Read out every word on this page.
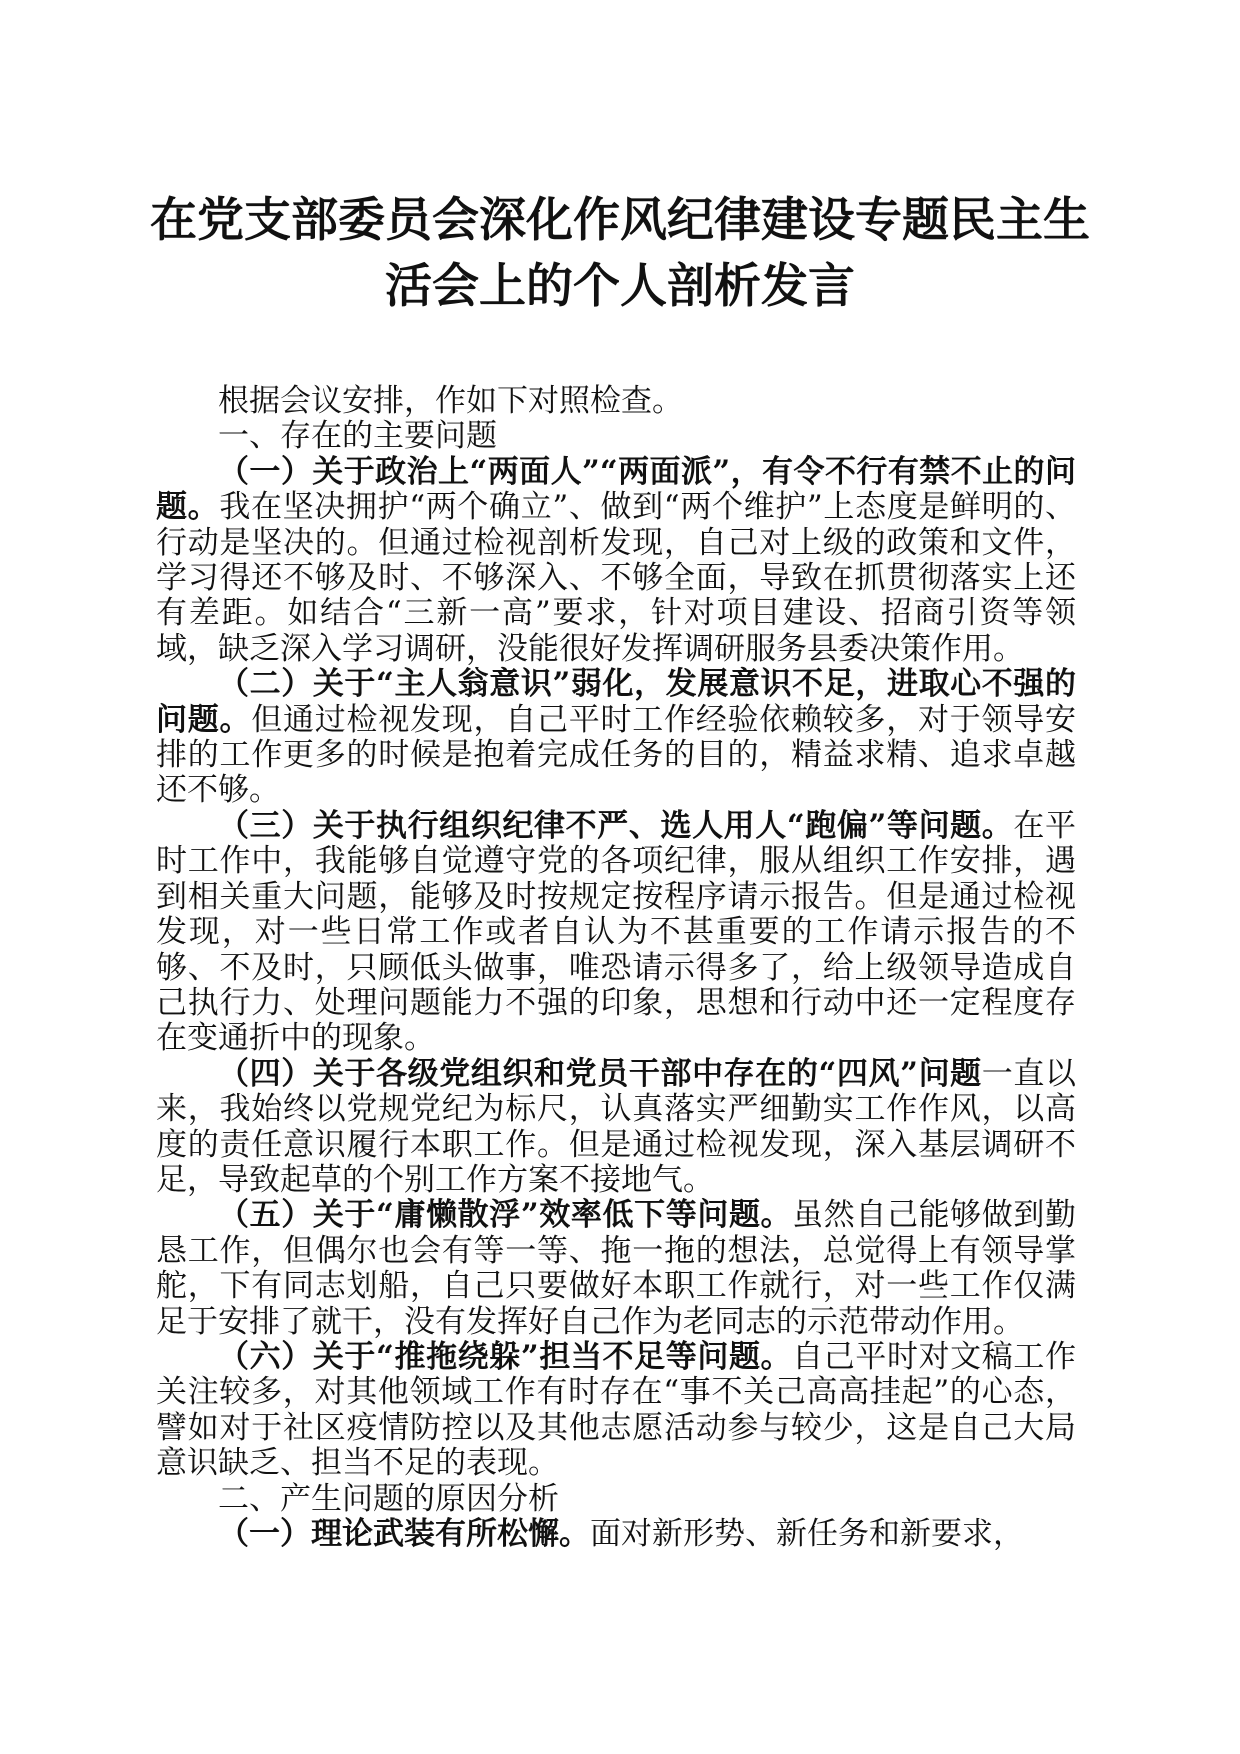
在党支部委员会深化作风纪律建设专题民主生
活会上的个人剖析发言

根据会议安排，作如下对照检查。

一、存在的主要问题

（一）关于政治上“两面人”“两面派”，有令不行有禁不止的问题。我在坚决拥护“两个确立”、做到“两个维护”上态度是鲜明的、行动是坚决的。但通过检视剖析发现，自己对上级的政策和文件，学习得还不够及时、不够深入、不够全面，导致在抓贯彻落实上还有差距。如结合“三新一高”要求，针对项目建设、招商引资等领域，缺乏深入学习调研，没能很好发挥调研服务县委决策作用。

（二）关于“主人翁意识”弱化，发展意识不足，进取心不强的问题。但通过检视发现，自己平时工作经验依赖较多，对于领导安排的工作更多的时候是抱着完成任务的目的，精益求精、追求卓越还不够。

（三）关于执行组织纪律不严、选人用人“跑偏”等问题。在平时工作中，我能够自觉遵守党的各项纪律，服从组织工作安排，遇到相关重大问题，能够及时按规定按程序请示报告。但是通过检视发现，对一些日常工作或者自认为不甚重要的工作请示报告的不够、不及时，只顾低头做事，唯恐请示得多了，给上级领导造成自己执行力、处理问题能力不强的印象，思想和行动中还一定程度存在变通折中的现象。

（四）关于各级党组织和党员干部中存在的“四风”问题一直以来，我始终以党规党纪为标尺，认真落实严细勤实工作作风，以高度的责任意识履行本职工作。但是通过检视发现，深入基层调研不足，导致起草的个别工作方案不接地气。

（五）关于“庸懒散浮”效率低下等问题。虽然自己能够做到勤恳工作，但偶尔也会有等一等、拖一拖的想法，总觉得上有领导掌舵，下有同志划船，自己只要做好本职工作就行，对一些工作仅满足于安排了就干，没有发挥好自己作为老同志的示范带动作用。

（六）关于“推拖绕躲”担当不足等问题。自己平时对文稿工作关注较多，对其他领域工作有时存在“事不关己高高挂起”的心态，譬如对于社区疫情防控以及其他志愿活动参与较少，这是自己大局意识缺乏、担当不足的表现。

二、产生问题的原因分析

（一）理论武装有所松懈。面对新形势、新任务和新要求，
